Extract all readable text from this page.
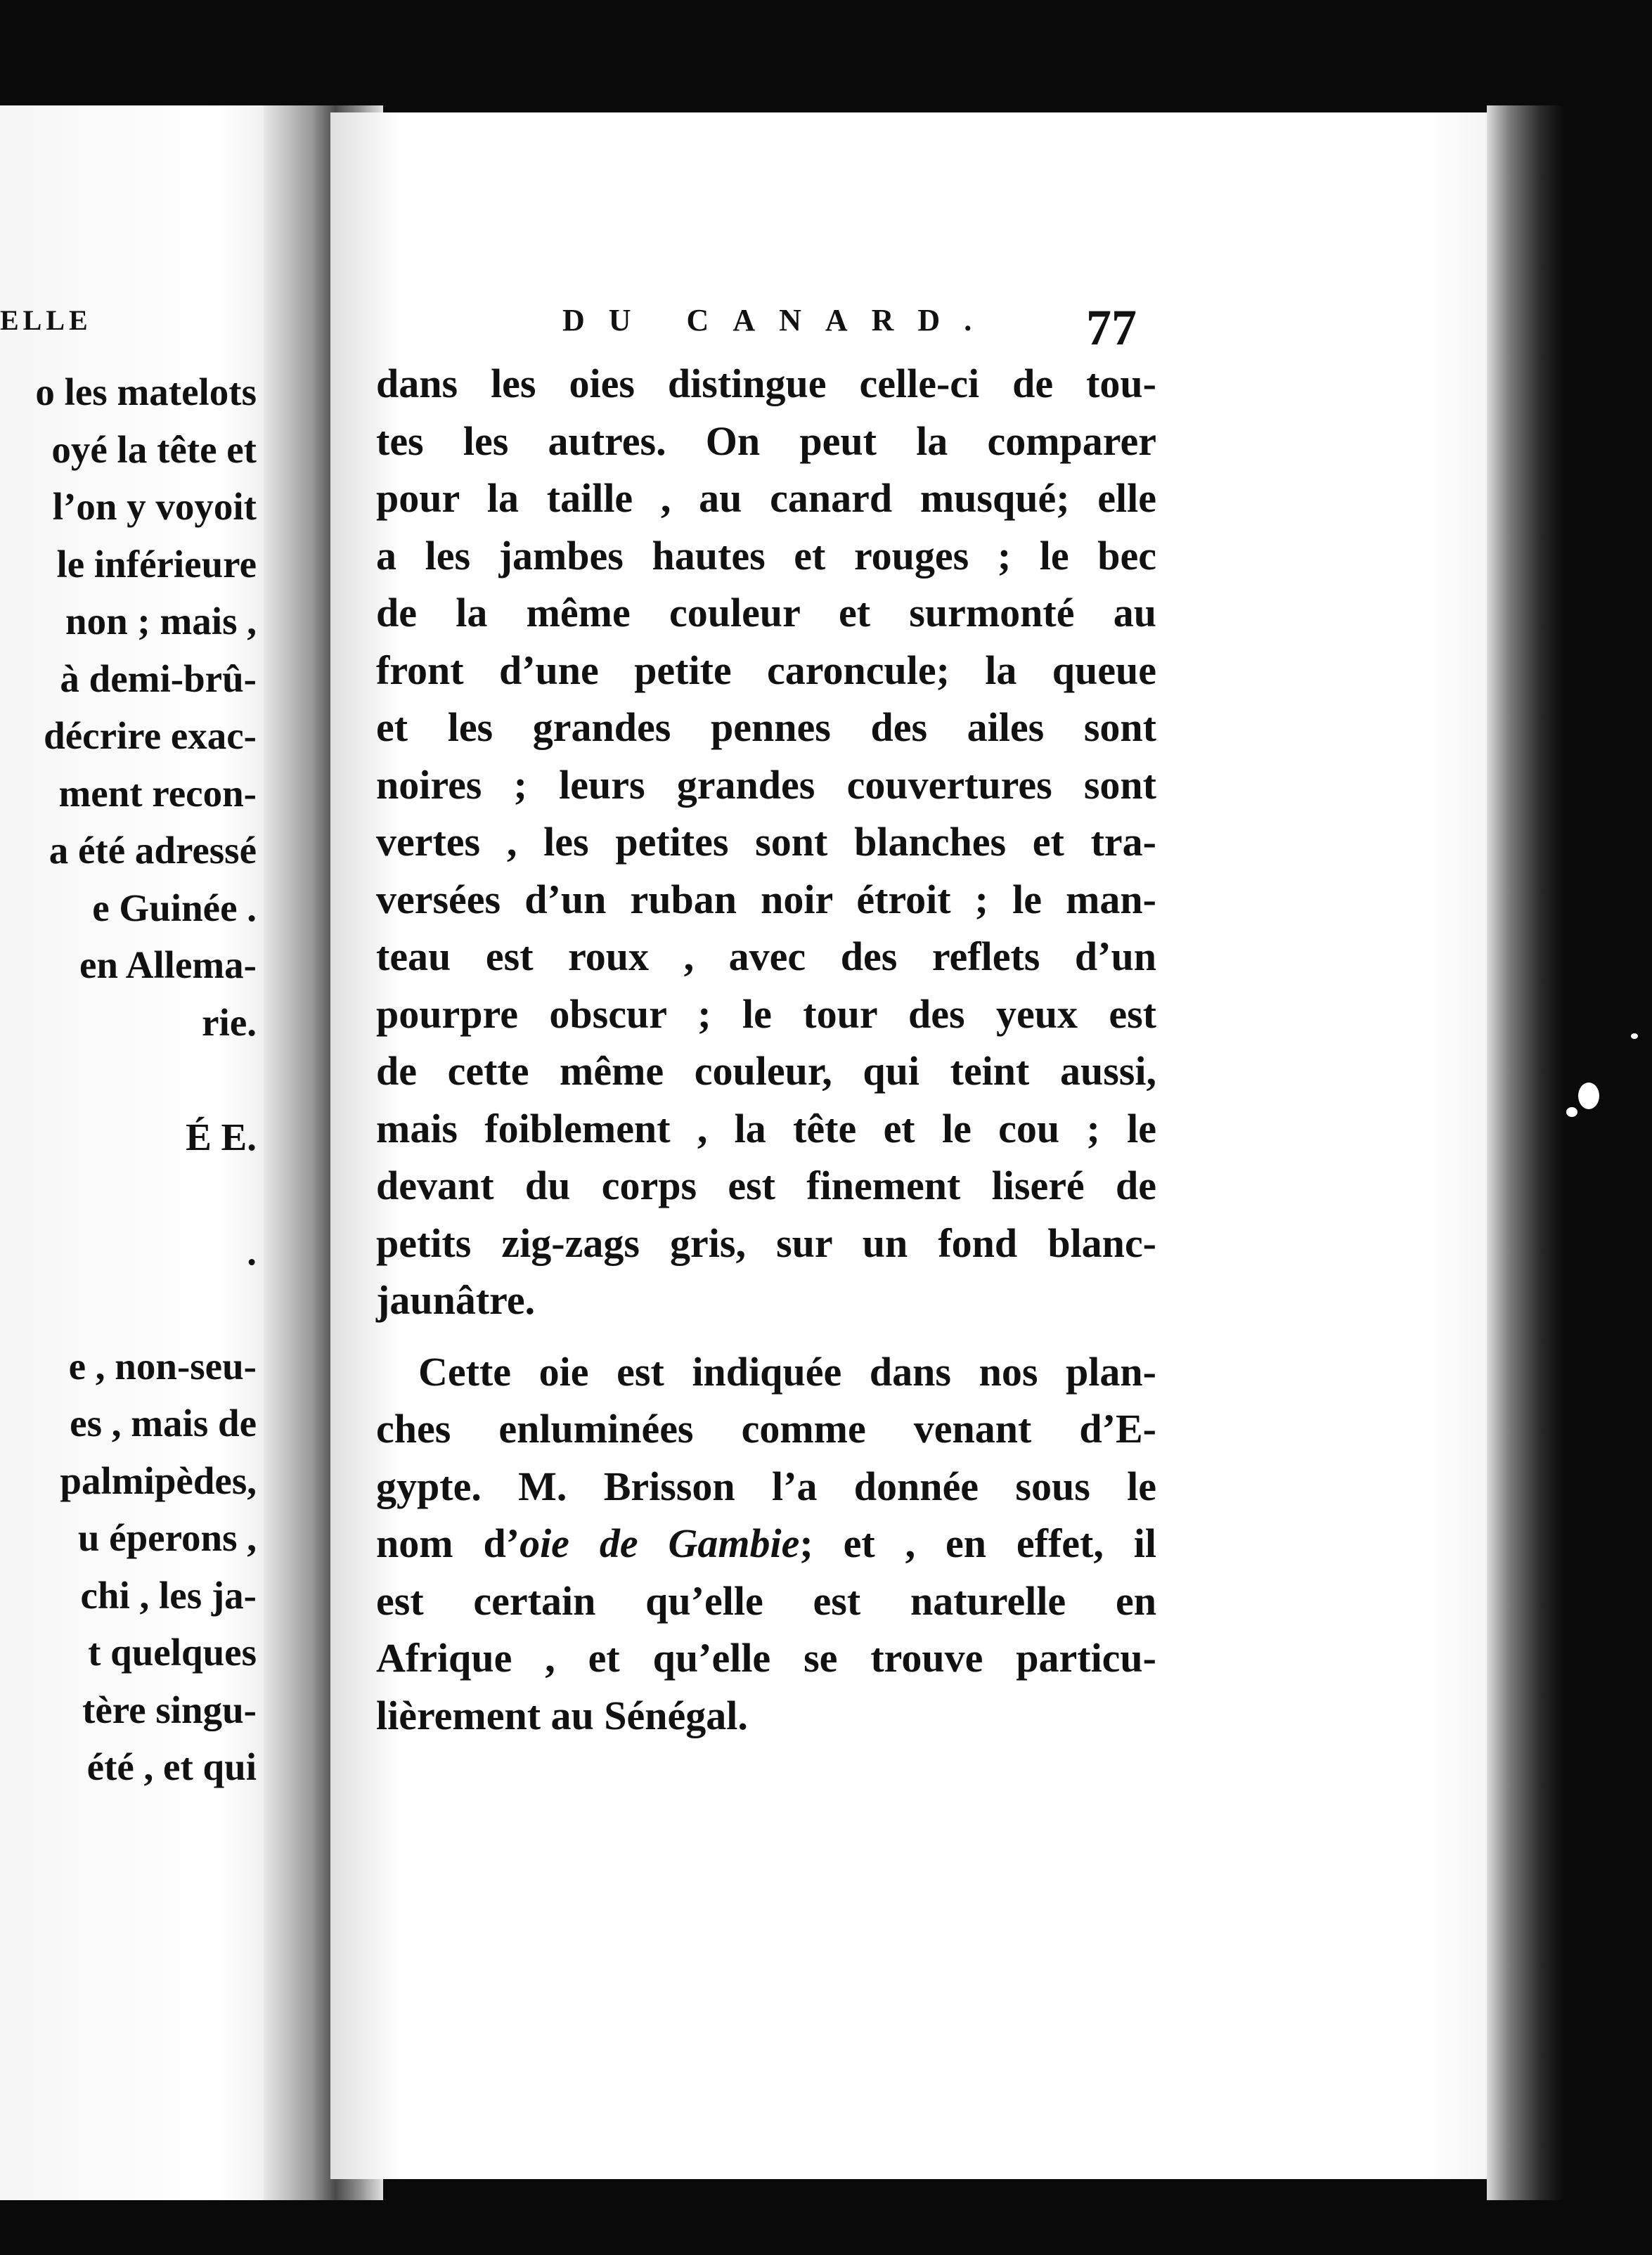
ELLE
o les matelots
oyé la tête et
l’on y voyoit
le inférieure
non ; mais ,
à demi-brû-
décrire exac-
ment recon-
a été adressé
e Guinée .
en Allema-
rie.
É E.
.
e , non-seu-
es , mais de
palmipèdes,
u éperons ,
chi , les ja-
t quelques
tère singu-
été , et qui
DU CANARD. 77
dans les oies distingue celle-ci de tou-
tes les autres. On peut la comparer
pour la taille , au canard musqué; elle
a les jambes hautes et rouges ; le bec
de la même couleur et surmonté au
front d’une petite caroncule; la queue
et les grandes pennes des ailes sont
noires ; leurs grandes couvertures sont
vertes , les petites sont blanches et tra-
versées d’un ruban noir étroit ; le man-
teau est roux , avec des reflets d’un
pourpre obscur ; le tour des yeux est
de cette même couleur, qui teint aussi,
mais foiblement , la tête et le cou ; le
devant du corps est finement liseré de
petits zig-zags gris, sur un fond blanc-
jaunâtre.
Cette oie est indiquée dans nos plan-
ches enluminées comme venant d’E-
gypte. M. Brisson l’a donnée sous le
nom d’oie de Gambie; et , en effet, il
est certain qu’elle est naturelle en
Afrique , et qu’elle se trouve particu-
lièrement au Sénégal.
